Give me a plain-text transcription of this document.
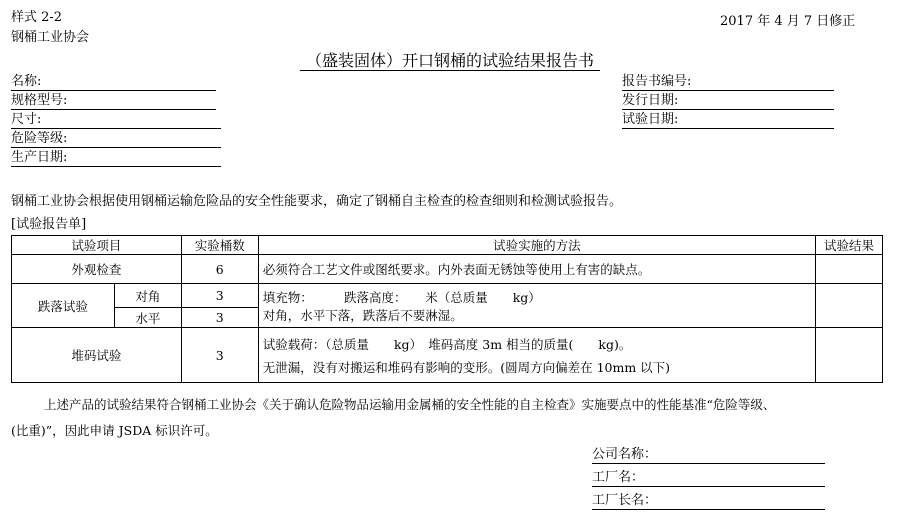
样式 2-2
钢桶工业协会
2017 年 4 月 7 日修正
（盛装固体）开口钢桶的试验结果报告书
名称:
规格型号:
尺寸:
危险等级:
生产日期:
报告书编号:
发行日期:
试验日期:
钢桶工业协会根据使用钢桶运输危险品的安全性能要求，确定了钢桶自主检查的检查细则和检测试验报告。
[试验报告单]
试验项目		实验桶数	试验实施的方法	试验结果
外观检查		6	必须符合工艺文件或图纸要求。内外表面无锈蚀等使用上有害的缺点。	
跌落试验	对角	3	填充物：　　　跌落高度：　　米（总质量　　kg）
对角，水平下落，跌落后不要淋湿。	

	水平	3		
堆码试验		3	试验载荷：（总质量　　kg）　堆码高度 3m 相当的质量(　　kg)。
无泄漏，没有对搬运和堆码有影响的变形。(圆周方向偏差在 10mm 以下)	

上述产品的试验结果符合钢桶工业协会《关于确认危险物品运输用金属桶的安全性能的自主检查》实施要点中的性能基准“危险等级、
(比重)”，因此申请 JSDA 标识许可。
公司名称：
工厂名：
工厂长名：
